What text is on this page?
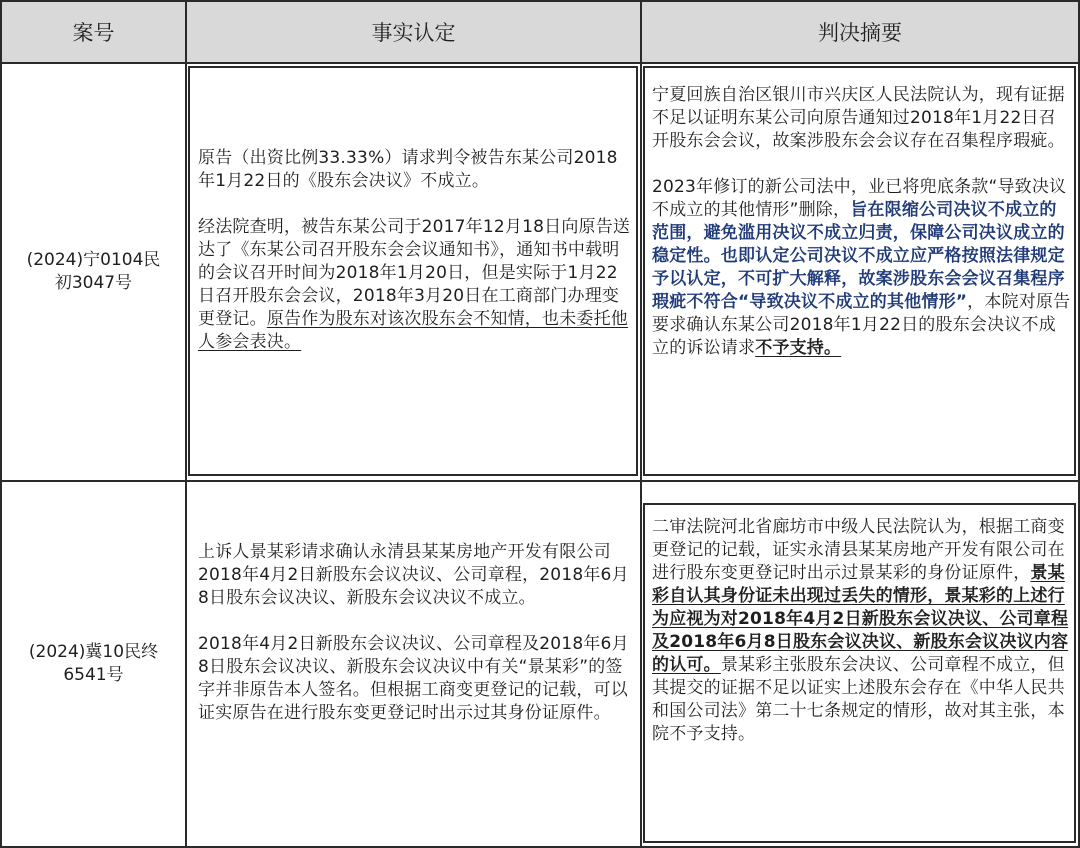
案号	事实认定	判决摘要
(2024)宁0104民
初3047号

原告（出资比例33.33%）请求判令被告东某公司2018年1月22日的《股东会决议》不成立。

经法院查明，被告东某公司于2017年12月18日向原告送达了《东某公司召开股东会会议通知书》，通知书中载明的会议召开时间为2018年1月20日，但是实际于1月22日召开股东会会议，2018年3月20日在工商部门办理变更登记。原告作为股东对该次股东会不知情，也未委托他人参会表决。

宁夏回族自治区银川市兴庆区人民法院认为，现有证据不足以证明东某公司向原告通知过2018年1月22日召开股东会会议，故案涉股东会会议存在召集程序瑕疵。

2023年修订的新公司法中，业已将兜底条款“导致决议不成立的其他情形”删除，旨在限缩公司决议不成立的范围，避免滥用决议不成立归责，保障公司决议成立的稳定性。也即认定公司决议不成立应严格按照法律规定予以认定，不可扩大解释，故案涉股东会会议召集程序瑕疵不符合“导致决议不成立的其他情形”，本院对原告要求确认东某公司2018年1月22日的股东会决议不成立的诉讼请求不予支持。

(2024)冀10民终
6541号

上诉人景某彩请求确认永清县某某房地产开发有限公司2018年4月2日新股东会议决议、公司章程，2018年6月8日股东会议决议、新股东会议决议不成立。

2018年4月2日新股东会议决议、公司章程及2018年6月8日股东会议决议、新股东会议决议中有关“景某彩”的签字并非原告本人签名。但根据工商变更登记的记载，可以证实原告在进行股东变更登记时出示过其身份证原件。

二审法院河北省廊坊市中级人民法院认为，根据工商变更登记的记载，证实永清县某某房地产开发有限公司在进行股东变更登记时出示过景某彩的身份证原件，景某彩自认其身份证未出现过丢失的情形，景某彩的上述行为应视为对2018年4月2日新股东会议决议、公司章程及2018年6月8日股东会议决议、新股东会议决议内容的认可。景某彩主张股东会决议、公司章程不成立，但其提交的证据不足以证实上述股东会存在《中华人民共和国公司法》第二十七条规定的情形，故对其主张，本院不予支持。
